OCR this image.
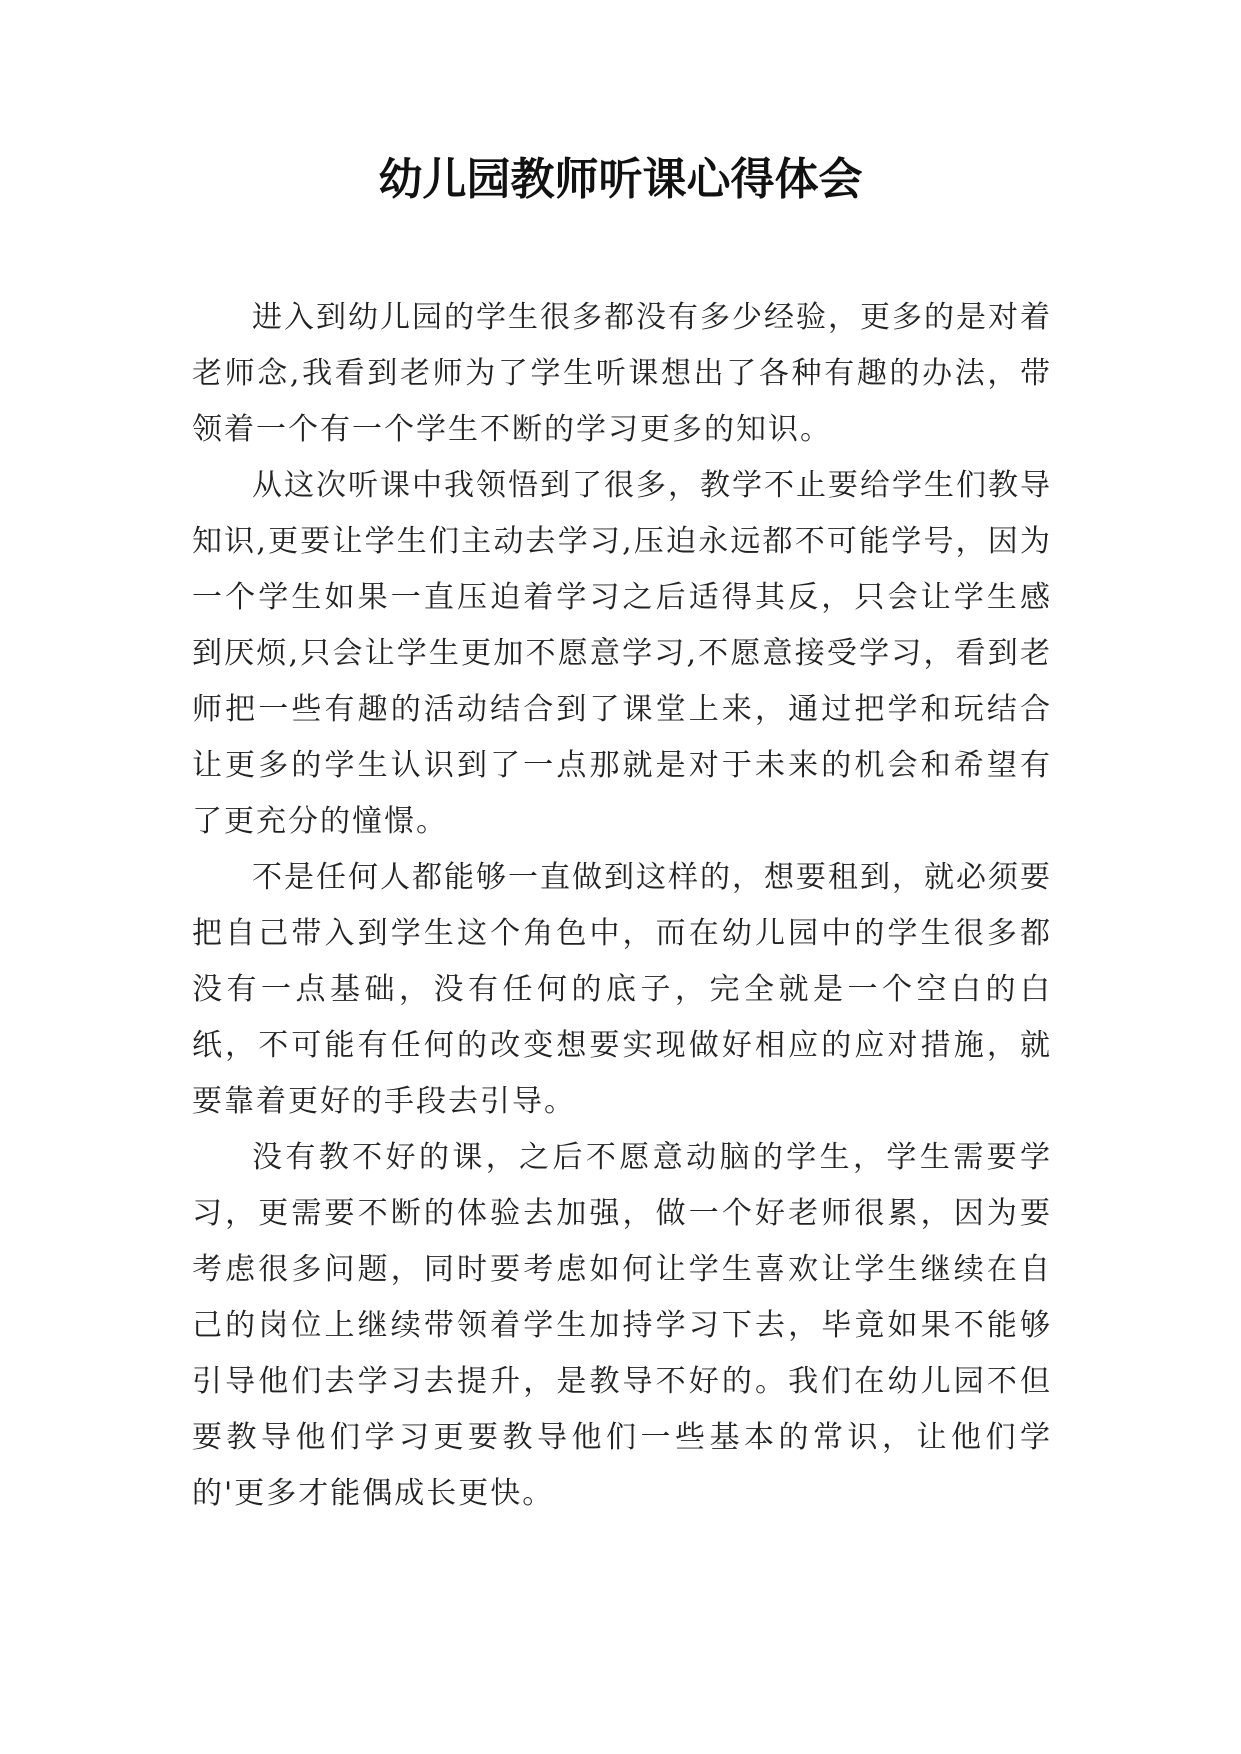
幼儿园教师听课心得体会

进入到幼儿园的学生很多都没有多少经验，更多的是对着老师念,我看到老师为了学生听课想出了各种有趣的办法，带领着一个有一个学生不断的学习更多的知识。

从这次听课中我领悟到了很多，教学不止要给学生们教导知识,更要让学生们主动去学习,压迫永远都不可能学号，因为一个学生如果一直压迫着学习之后适得其反，只会让学生感到厌烦,只会让学生更加不愿意学习,不愿意接受学习，看到老师把一些有趣的活动结合到了课堂上来，通过把学和玩结合让更多的学生认识到了一点那就是对于未来的机会和希望有了更充分的憧憬。

不是任何人都能够一直做到这样的，想要租到，就必须要把自己带入到学生这个角色中，而在幼儿园中的学生很多都没有一点基础，没有任何的底子，完全就是一个空白的白纸，不可能有任何的改变想要实现做好相应的应对措施，就要靠着更好的手段去引导。

没有教不好的课，之后不愿意动脑的学生，学生需要学习，更需要不断的体验去加强，做一个好老师很累，因为要考虑很多问题，同时要考虑如何让学生喜欢让学生继续在自己的岗位上继续带领着学生加持学习下去，毕竟如果不能够引导他们去学习去提升，是教导不好的。我们在幼儿园不但要教导他们学习更要教导他们一些基本的常识，让他们学的'更多才能偶成长更快。
